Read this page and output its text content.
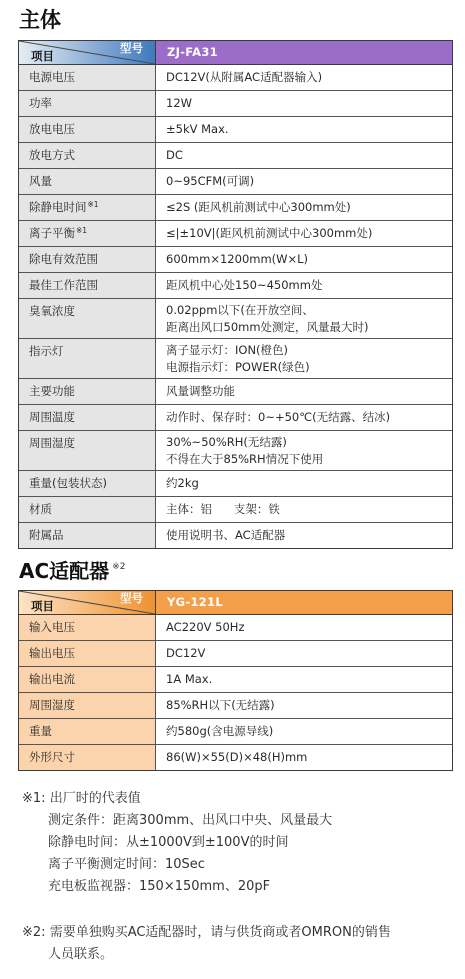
主体
型号
项目	ZJ-FA31
电源电压	DC12V(从附属AC适配器输入)
功率	12W
放电电压	±5kV Max.
放电方式	DC
风量	0~95CFM(可调)
除静电时间$^{※1}$	≤2S (距风机前测试中心300mm处)
离子平衡$^{※1}$	≤|±10V|(距风机前测试中心300mm处)
除电有效范围	600mm×1200mm(W×L)
最佳工作范围	距风机中心处150~450mm处
臭氧浓度	0.02ppm以下(在开放空间、
距离出风口50mm处测定，风量最大时)
指示灯	离子显示灯：ION(橙色)
电源指示灯：POWER(绿色)
主要功能	风量调整功能
周围温度	动作时、保存时：0~+50℃(无结露、结冰)
周围湿度	30%~50%RH(无结露)
不得在大于85%RH情况下使用
重量(包装状态)	约2kg
材质	主体：铝      支架：铁
附属品	使用说明书、AC适配器
AC适配器 $^{※2}$
型号
项目	YG-121L
输入电压	AC220V 50Hz
输出电压	DC12V
输出电流	1A Max.
周围湿度	85%RH以下(无结露)
重量	约580g(含电源导线)
外形尺寸	86(W)×55(D)×48(H)mm
※1: 出厂时的代表值
测定条件：距离300mm、出风口中央、风量最大
除静电时间：从±1000V到±100V的时间
离子平衡测定时间：10Sec
充电板监视器：150×150mm、20pF
※2: 需要单独购买AC适配器时，请与供货商或者OMRON的销售
人员联系。
